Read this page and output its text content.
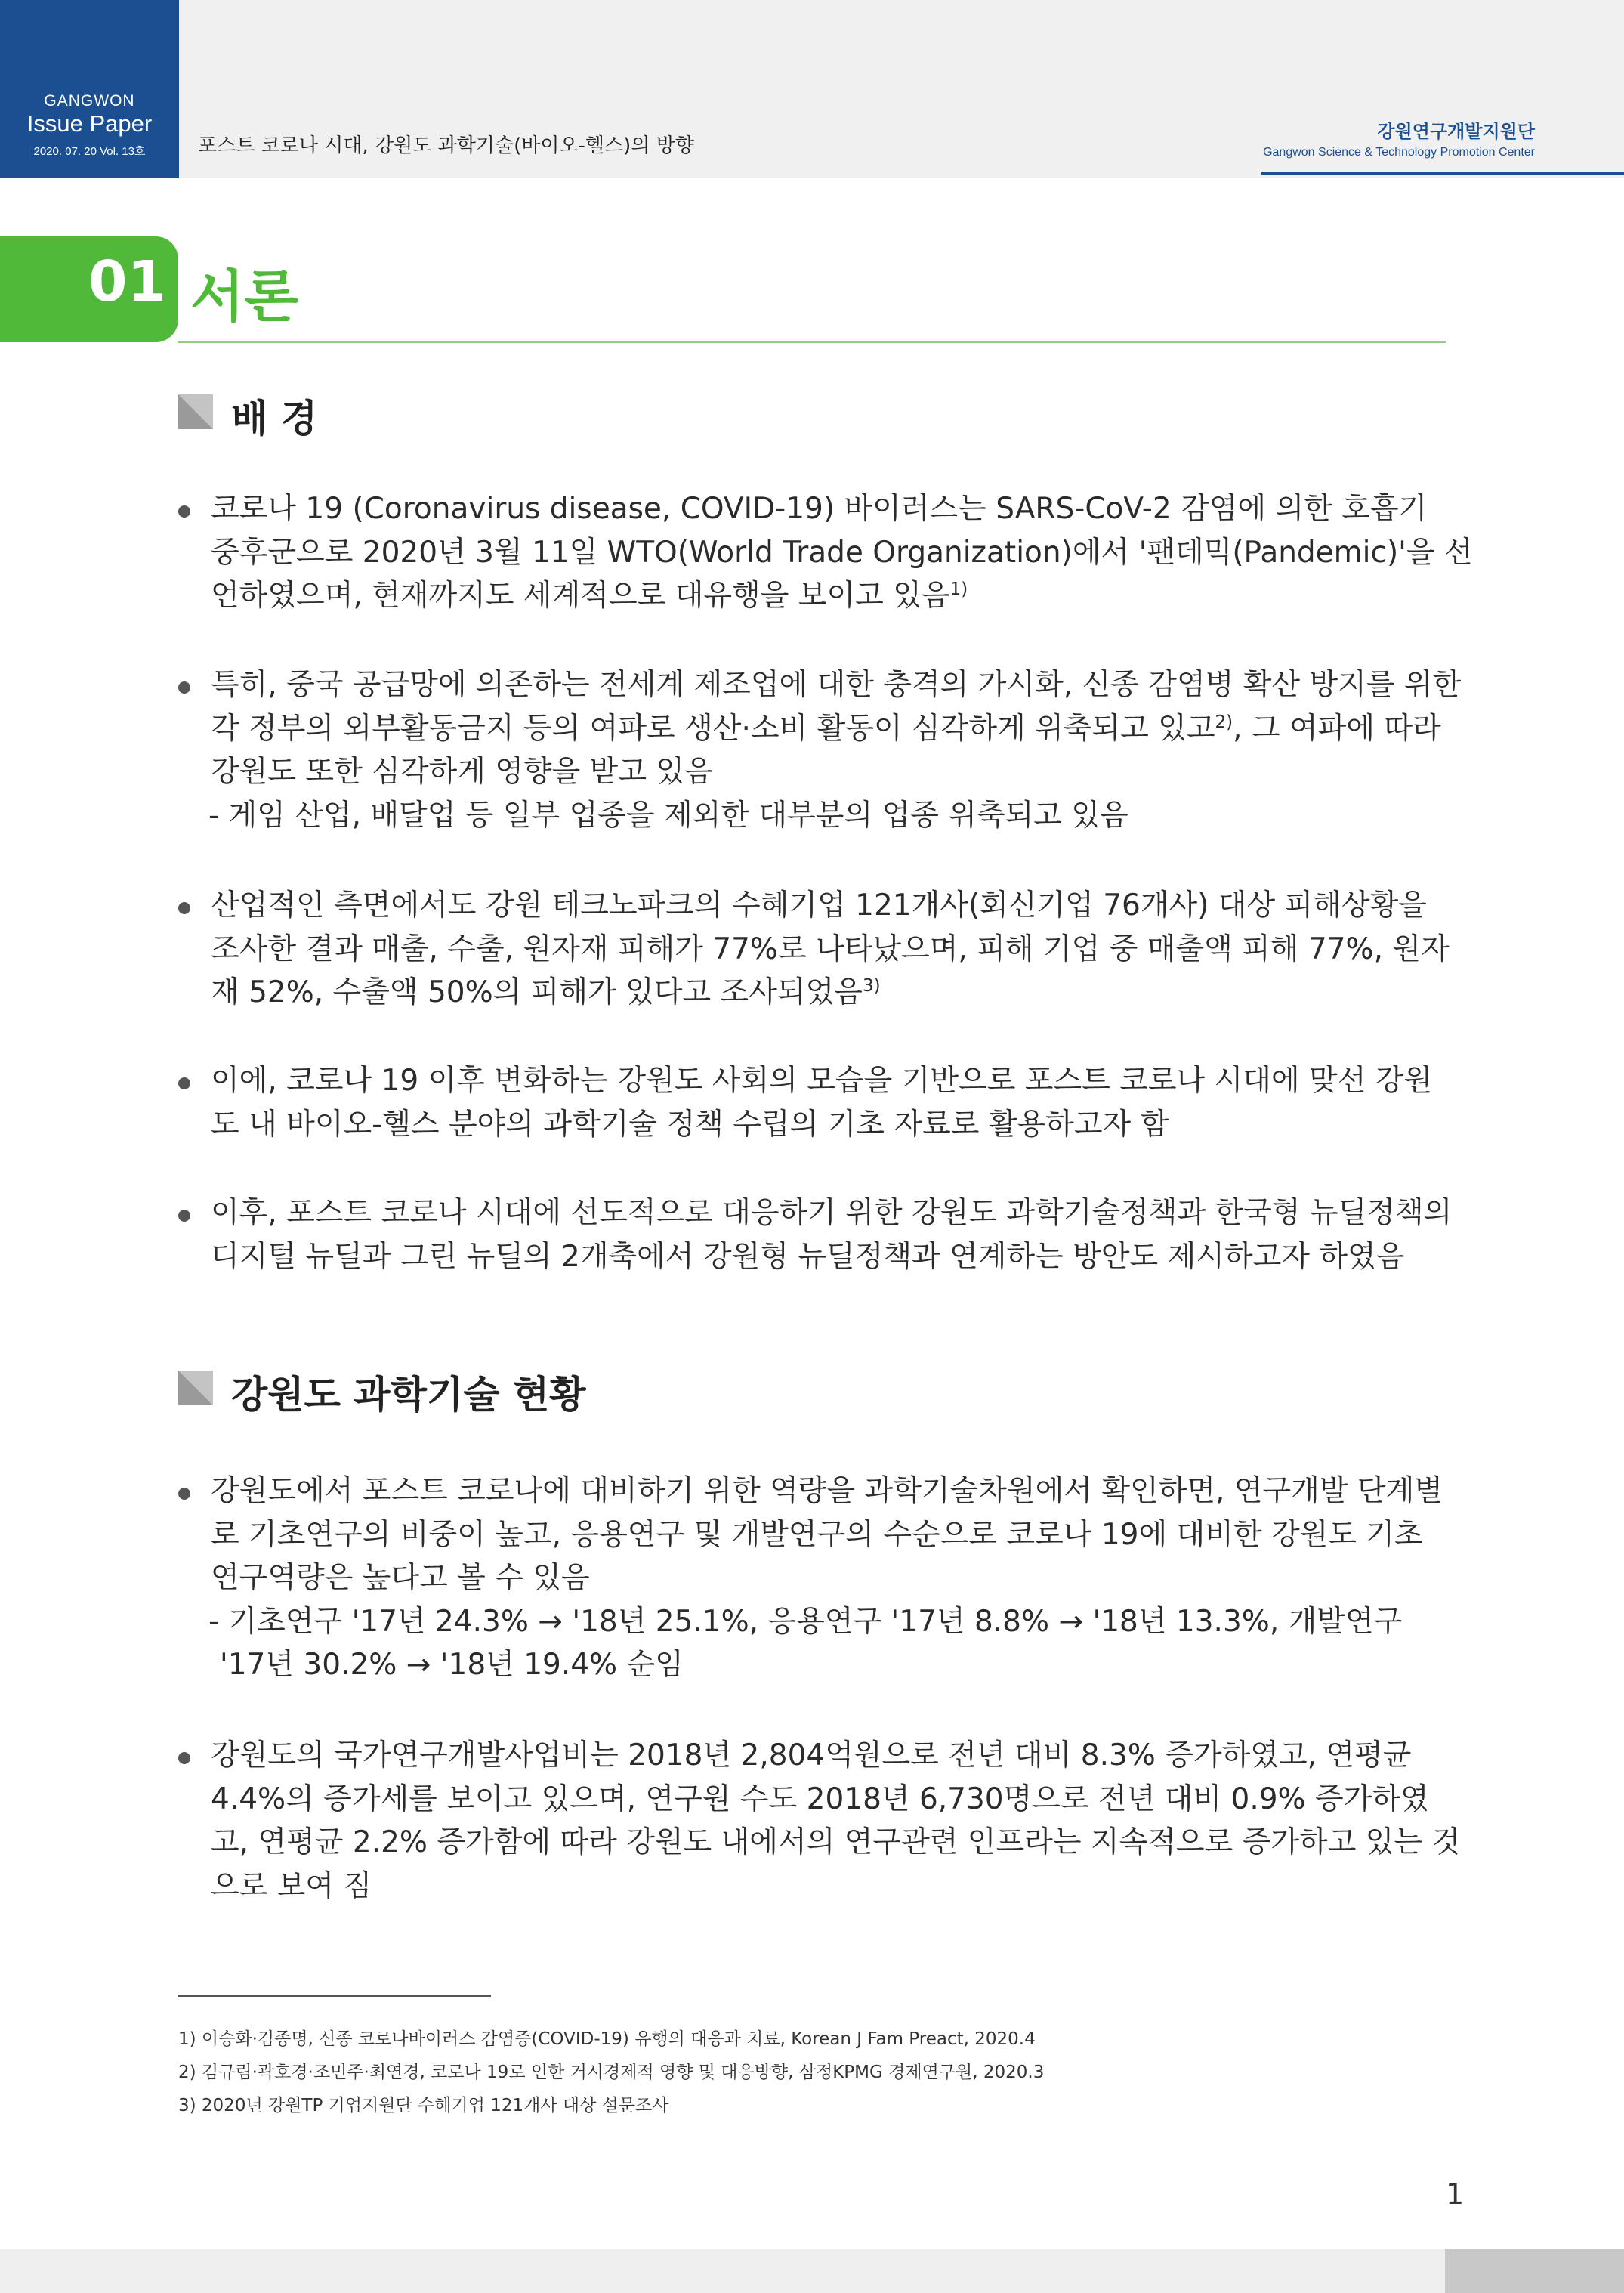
GANGWON
Issue Paper
2020. 07. 20 Vol. 13호	포스트 코로나 시대, 강원도 과학기술(바이오-헬스)의 방향
강원연구개발지원단
Gangwon Science & Technology Promotion Center
01 서론
배 경
코로나 19 (Coronavirus disease, COVID-19) 바이러스는 SARS-CoV-2 감염에 의한 호흡기
중후군으로 2020년 3월 11일 WTO(World Trade Organization)에서 '팬데믹(Pandemic)'을 선
언하였으며, 현재까지도 세계적으로 대유행을 보이고 있음$^{1)}$
특히, 중국 공급망에 의존하는 전세계 제조업에 대한 충격의 가시화, 신종 감염병 확산 방지를 위한
각 정부의 외부활동금지 등의 여파로 생산·소비 활동이 심각하게 위축되고 있고$^{2)}$, 그 여파에 따라
강원도 또한 심각하게 영향을 받고 있음
- 게임 산업, 배달업 등 일부 업종을 제외한 대부분의 업종 위축되고 있음
산업적인 측면에서도 강원 테크노파크의 수혜기업 121개사(회신기업 76개사) 대상 피해상황을
조사한 결과 매출, 수출, 원자재 피해가 77%로 나타났으며, 피해 기업 중 매출액 피해 77%, 원자
재 52%, 수출액 50%의 피해가 있다고 조사되었음$^{3)}$
이에, 코로나 19 이후 변화하는 강원도 사회의 모습을 기반으로 포스트 코로나 시대에 맞선 강원
도 내 바이오-헬스 분야의 과학기술 정책 수립의 기초 자료로 활용하고자 함
이후, 포스트 코로나 시대에 선도적으로 대응하기 위한 강원도 과학기술정책과 한국형 뉴딜정책의
디지털 뉴딜과 그린 뉴딜의 2개축에서 강원형 뉴딜정책과 연계하는 방안도 제시하고자 하였음
강원도 과학기술 현황
강원도에서 포스트 코로나에 대비하기 위한 역량을 과학기술차원에서 확인하면, 연구개발 단계별
로 기초연구의 비중이 높고, 응용연구 및 개발연구의 수순으로 코로나 19에 대비한 강원도 기초
연구역량은 높다고 볼 수 있음
- 기초연구 '17년 24.3% → '18년 25.1%, 응용연구 '17년 8.8% → '18년 13.3%, 개발연구
'17년 30.2% → '18년 19.4% 순임
강원도의 국가연구개발사업비는 2018년 2,804억원으로 전년 대비 8.3% 증가하였고, 연평균
4.4%의 증가세를 보이고 있으며, 연구원 수도 2018년 6,730명으로 전년 대비 0.9% 증가하였
고, 연평균 2.2% 증가함에 따라 강원도 내에서의 연구관련 인프라는 지속적으로 증가하고 있는 것
으로 보여 짐
1) 이승화·김종명, 신종 코로나바이러스 감염증(COVID-19) 유행의 대응과 치료, Korean J Fam Preact, 2020.4
2) 김규림·곽호경·조민주·최연경, 코로나 19로 인한 거시경제적 영향 및 대응방향, 삼정KPMG 경제연구원, 2020.3
3) 2020년 강원TP 기업지원단 수혜기업 121개사 대상 설문조사
1
